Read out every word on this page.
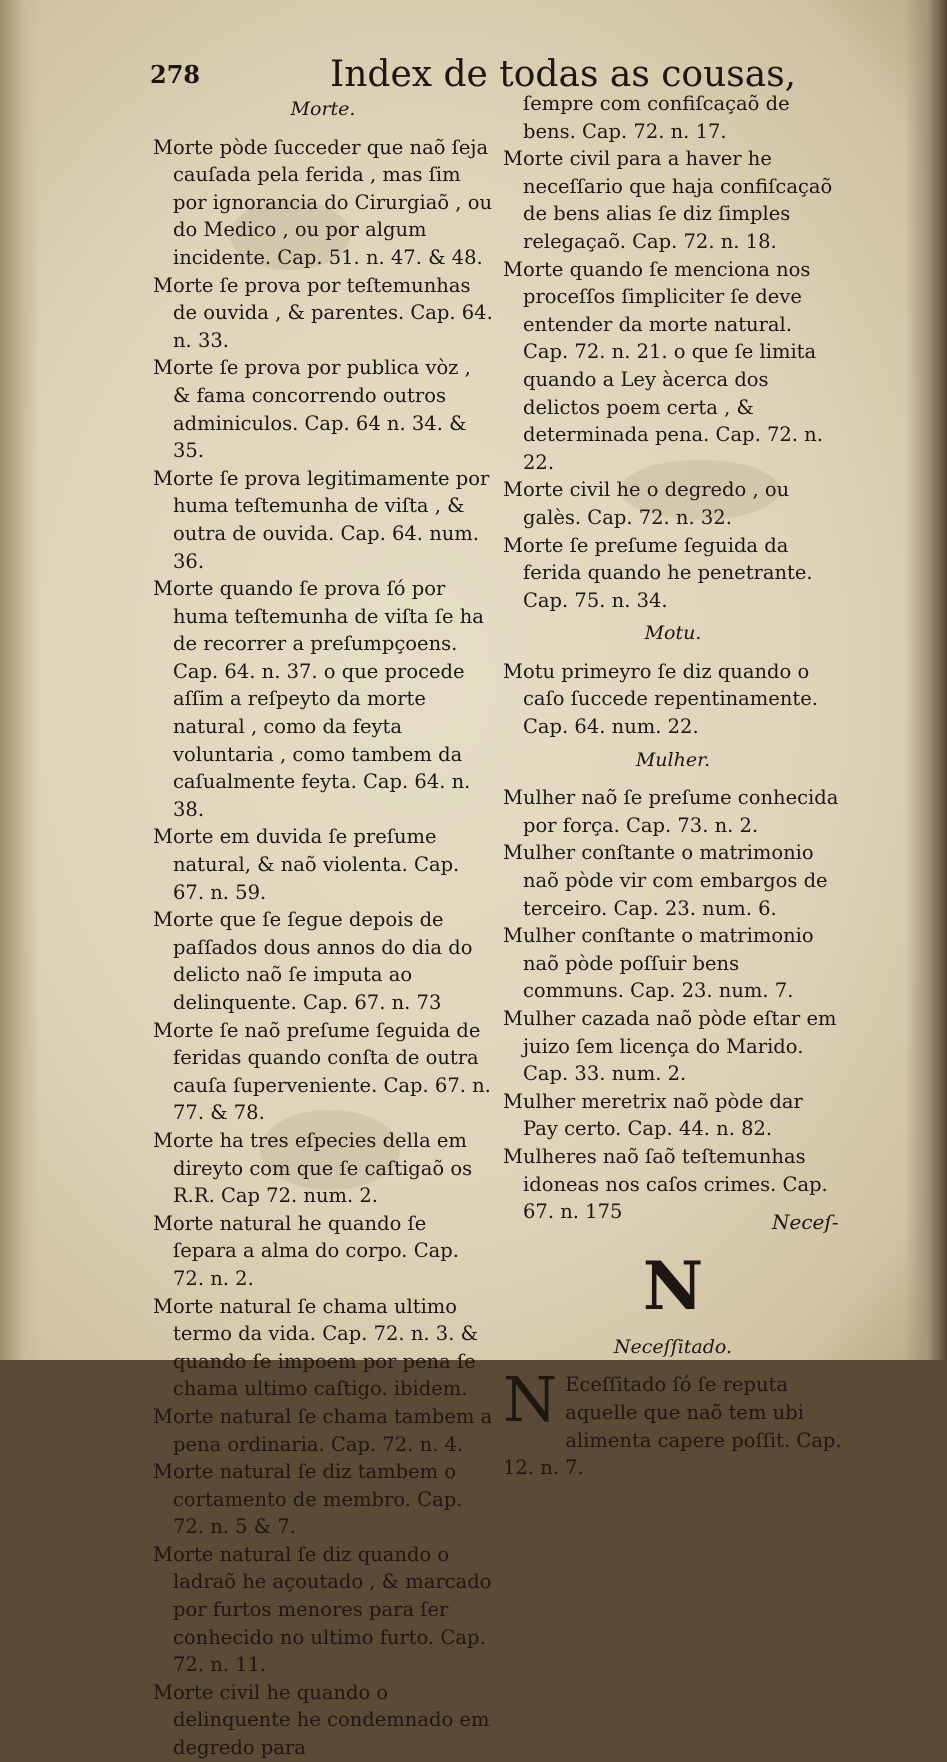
278	Index de todas as cousas,
Morte.
Morte pòde ſucceder que naõ ſeja cauſada pela ferida , mas ſim por ignorancia do Cirurgiaõ , ou do Medico , ou por algum incidente. Cap. 51. n. 47. & 48.
Morte ſe prova por teſtemunhas de ouvida , & parentes. Cap. 64. n. 33.
Morte ſe prova por publica vòz , & fama concorrendo outros adminiculos. Cap. 64 n. 34. & 35.
Morte ſe prova legitimamente por huma teſtemunha de viſta , & outra de ouvida. Cap. 64. num. 36.
Morte quando ſe prova ſó por huma teſtemunha de viſta ſe ha de recorrer a preſumpçoens. Cap. 64. n. 37. o que procede aſſim a reſpeyto da morte natural , como da feyta voluntaria , como tambem da caſualmente feyta. Cap. 64. n. 38.
Morte em duvida ſe preſume natural, & naõ violenta. Cap. 67. n. 59.
Morte que ſe ſegue depois de paſſados dous annos do dia do delicto naõ ſe imputa ao delinquente. Cap. 67. n. 73
Morte ſe naõ preſume ſeguida de feridas quando conſta de outra cauſa ſuperveniente. Cap. 67. n. 77. & 78.
Morte ha tres eſpecies della em direyto com que ſe caſtigaõ os R.R. Cap 72. num. 2.
Morte natural he quando ſe ſepara a alma do corpo. Cap. 72. n. 2.
Morte natural ſe chama ultimo termo da vida. Cap. 72. n. 3. & quando ſe impoem por pena ſe chama ultimo caſtigo. ibidem.
Morte natural ſe chama tambem a pena ordinaria. Cap. 72. n. 4.
Morte natural ſe diz tambem o cortamento de membro. Cap. 72. n. 5 & 7.
Morte natural ſe diz quando o ladraõ he açoutado , & marcado por furtos menores para ſer conhecido no ultimo furto. Cap. 72. n. 11.
Morte civil he quando o delinquente he condemnado em degredo para
ſempre com confiſcaçaõ de bens. Cap. 72. n. 17.
Morte civil para a haver he neceſſario que haja confiſcaçaõ de bens alias ſe diz ſimples relegaçaõ. Cap. 72. n. 18.
Morte quando ſe menciona nos proceſſos ſimpliciter ſe deve entender da morte natural. Cap. 72. n. 21. o que ſe limita quando a Ley àcerca dos delictos poem certa , & determinada pena. Cap. 72. n. 22.
Morte civil he o degredo , ou galès. Cap. 72. n. 32.
Morte ſe preſume ſeguida da ferida quando he penetrante. Cap. 75. n. 34.
Motu.
Motu primeyro ſe diz quando o caſo ſuccede repentinamente. Cap. 64. num. 22.
Mulher.
Mulher naõ ſe preſume conhecida por força. Cap. 73. n. 2.
Mulher conſtante o matrimonio naõ pòde vir com embargos de terceiro. Cap. 23. num. 6.
Mulher conſtante o matrimonio naõ pòde poſſuir bens communs. Cap. 23. num. 7.
Mulher cazada naõ pòde eſtar em juizo ſem licença do Marido. Cap. 33. num. 2.
Mulher meretrix naõ pòde dar Pay certo. Cap. 44. n. 82.
Mulheres naõ ſaõ teſtemunhas idoneas nos caſos crimes. Cap. 67. n. 175
N
Neceſſitado.
N Eceſſitado ſó ſe reputa aquelle que naõ tem ubi alimenta capere poſſit. Cap. 12. n. 7.
Neceſ-
